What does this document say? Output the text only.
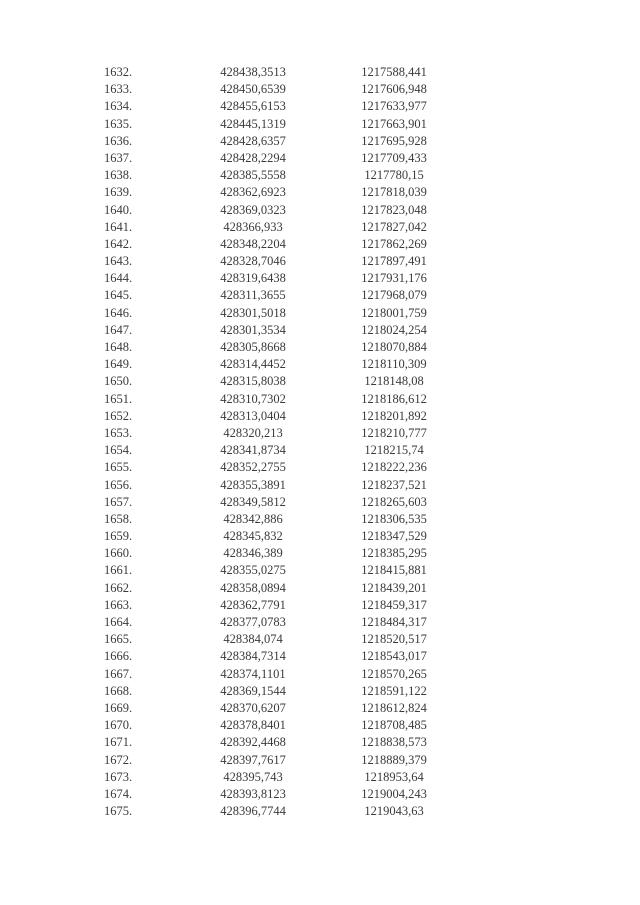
1632.	428438,3513	1217588,441
1633.	428450,6539	1217606,948
1634.	428455,6153	1217633,977
1635.	428445,1319	1217663,901
1636.	428428,6357	1217695,928
1637.	428428,2294	1217709,433
1638.	428385,5558	1217780,15
1639.	428362,6923	1217818,039
1640.	428369,0323	1217823,048
1641.	428366,933	1217827,042
1642.	428348,2204	1217862,269
1643.	428328,7046	1217897,491
1644.	428319,6438	1217931,176
1645.	428311,3655	1217968,079
1646.	428301,5018	1218001,759
1647.	428301,3534	1218024,254
1648.	428305,8668	1218070,884
1649.	428314,4452	1218110,309
1650.	428315,8038	1218148,08
1651.	428310,7302	1218186,612
1652.	428313,0404	1218201,892
1653.	428320,213	1218210,777
1654.	428341,8734	1218215,74
1655.	428352,2755	1218222,236
1656.	428355,3891	1218237,521
1657.	428349,5812	1218265,603
1658.	428342,886	1218306,535
1659.	428345,832	1218347,529
1660.	428346,389	1218385,295
1661.	428355,0275	1218415,881
1662.	428358,0894	1218439,201
1663.	428362,7791	1218459,317
1664.	428377,0783	1218484,317
1665.	428384,074	1218520,517
1666.	428384,7314	1218543,017
1667.	428374,1101	1218570,265
1668.	428369,1544	1218591,122
1669.	428370,6207	1218612,824
1670.	428378,8401	1218708,485
1671.	428392,4468	1218838,573
1672.	428397,7617	1218889,379
1673.	428395,743	1218953,64
1674.	428393,8123	1219004,243
1675.	428396,7744	1219043,63
